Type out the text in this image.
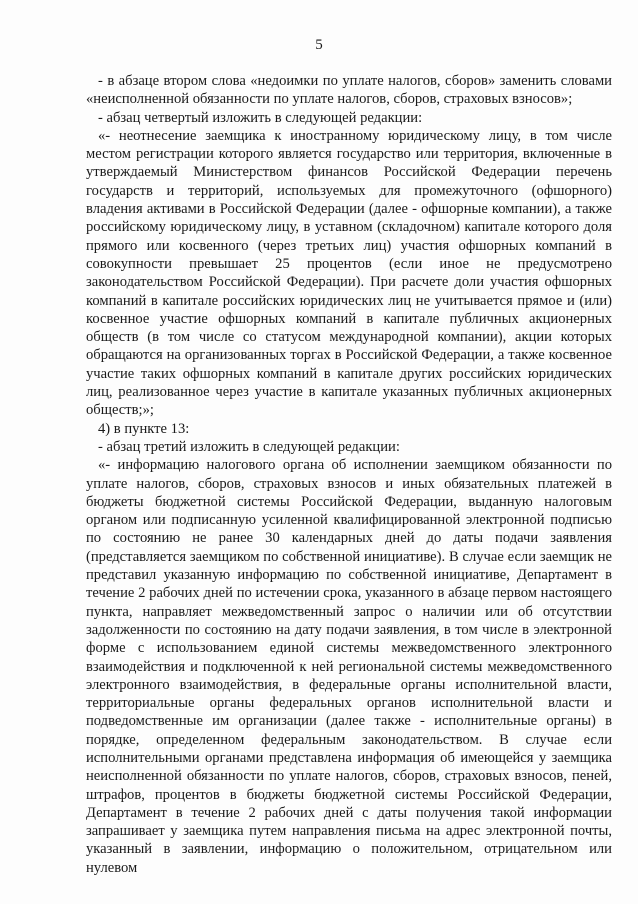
5

- в абзаце втором слова «недоимки по уплате налогов, сборов» заменить словами «неисполненной обязанности по уплате налогов, сборов, страховых взносов»;

- абзац четвертый изложить в следующей редакции:

«- неотнесение заемщика к иностранному юридическому лицу, в том числе местом регистрации которого является государство или территория, включенные в утверждаемый Министерством финансов Российской Федерации перечень государств и территорий, используемых для промежуточного (офшорного) владения активами в Российской Федерации (далее - офшорные компании), а также российскому юридическому лицу, в уставном (складочном) капитале которого доля прямого или косвенного (через третьих лиц) участия офшорных компаний в совокупности превышает 25 процентов (если иное не предусмотрено законодательством Российской Федерации). При расчете доли участия офшорных компаний в капитале российских юридических лиц не учитывается прямое и (или) косвенное участие офшорных компаний в капитале публичных акционерных обществ (в том числе со статусом международной компании), акции которых обращаются на организованных торгах в Российской Федерации, а также косвенное участие таких офшорных компаний в капитале других российских юридических лиц, реализованное через участие в капитале указанных публичных акционерных обществ;»;

4) в пункте 13:

- абзац третий изложить в следующей редакции:

«- информацию налогового органа об исполнении заемщиком обязанности по уплате налогов, сборов, страховых взносов и иных обязательных платежей в бюджеты бюджетной системы Российской Федерации, выданную налоговым органом или подписанную усиленной квалифицированной электронной подписью по состоянию не ранее 30 календарных дней до даты подачи заявления (представляется заемщиком по собственной инициативе). В случае если заемщик не представил указанную информацию по собственной инициативе, Департамент в течение 2 рабочих дней по истечении срока, указанного в абзаце первом настоящего пункта, направляет межведомственный запрос о наличии или об отсутствии задолженности по состоянию на дату подачи заявления, в том числе в электронной форме с использованием единой системы межведомственного электронного взаимодействия и подключенной к ней региональной системы межведомственного электронного взаимодействия, в федеральные органы исполнительной власти, территориальные органы федеральных органов исполнительной власти и подведомственные им организации (далее также - исполнительные органы) в порядке, определенном федеральным законодательством. В случае если исполнительными органами представлена информация об имеющейся у заемщика неисполненной обязанности по уплате налогов, сборов, страховых взносов, пеней, штрафов, процентов в бюджеты бюджетной системы Российской Федерации, Департамент в течение 2 рабочих дней с даты получения такой информации запрашивает у заемщика путем направления письма на адрес электронной почты, указанный в заявлении, информацию о положительном, отрицательном или нулевом
